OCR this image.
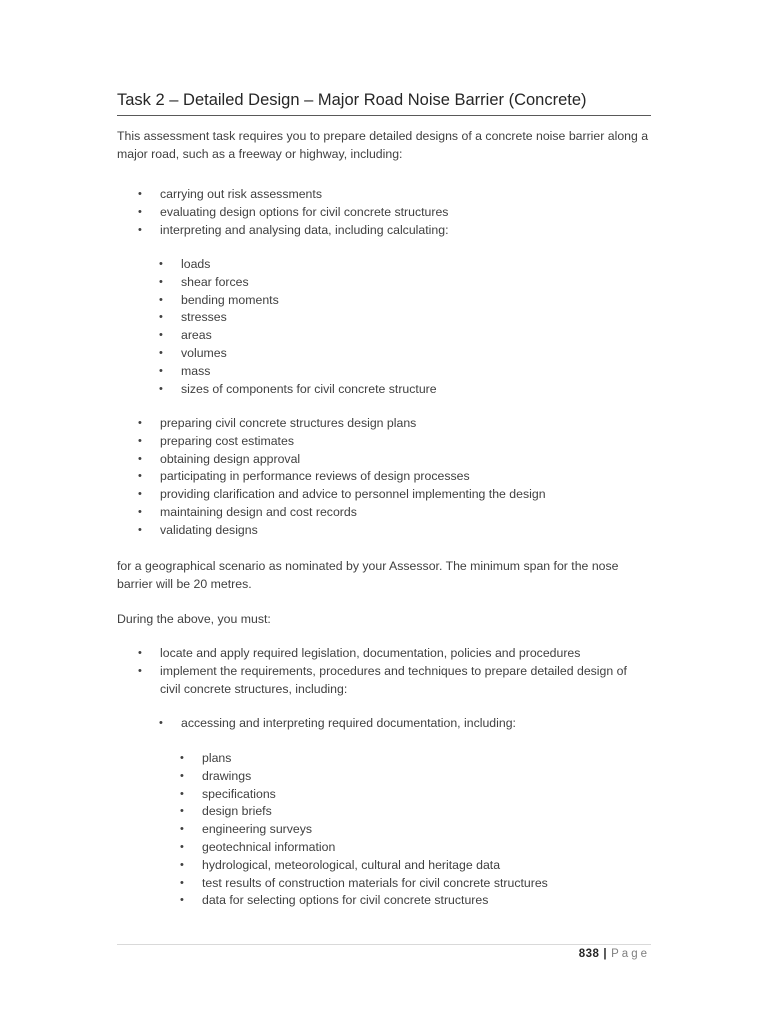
Task 2 – Detailed Design – Major Road Noise Barrier (Concrete)

This assessment task requires you to prepare detailed designs of a concrete noise barrier along a major road, such as a freeway or highway, including:

•	carrying out risk assessments
•	evaluating design options for civil concrete structures
•	interpreting and analysing data, including calculating:
•	loads
•	shear forces
•	bending moments
•	stresses
•	areas
•	volumes
•	mass
•	sizes of components for civil concrete structure
•	preparing civil concrete structures design plans
•	preparing cost estimates
•	obtaining design approval
•	participating in performance reviews of design processes
•	providing clarification and advice to personnel implementing the design
•	maintaining design and cost records
•	validating designs

for a geographical scenario as nominated by your Assessor. The minimum span for the nose barrier will be 20 metres.

During the above, you must:

•	locate and apply required legislation, documentation, policies and procedures
•	implement the requirements, procedures and techniques to prepare detailed design of civil concrete structures, including:
•	accessing and interpreting required documentation, including:
•	plans
•	drawings
•	specifications
•	design briefs
•	engineering surveys
•	geotechnical information
•	hydrological, meteorological, cultural and heritage data
•	test results of construction materials for civil concrete structures
•	data for selecting options for civil concrete structures
838 | Page
